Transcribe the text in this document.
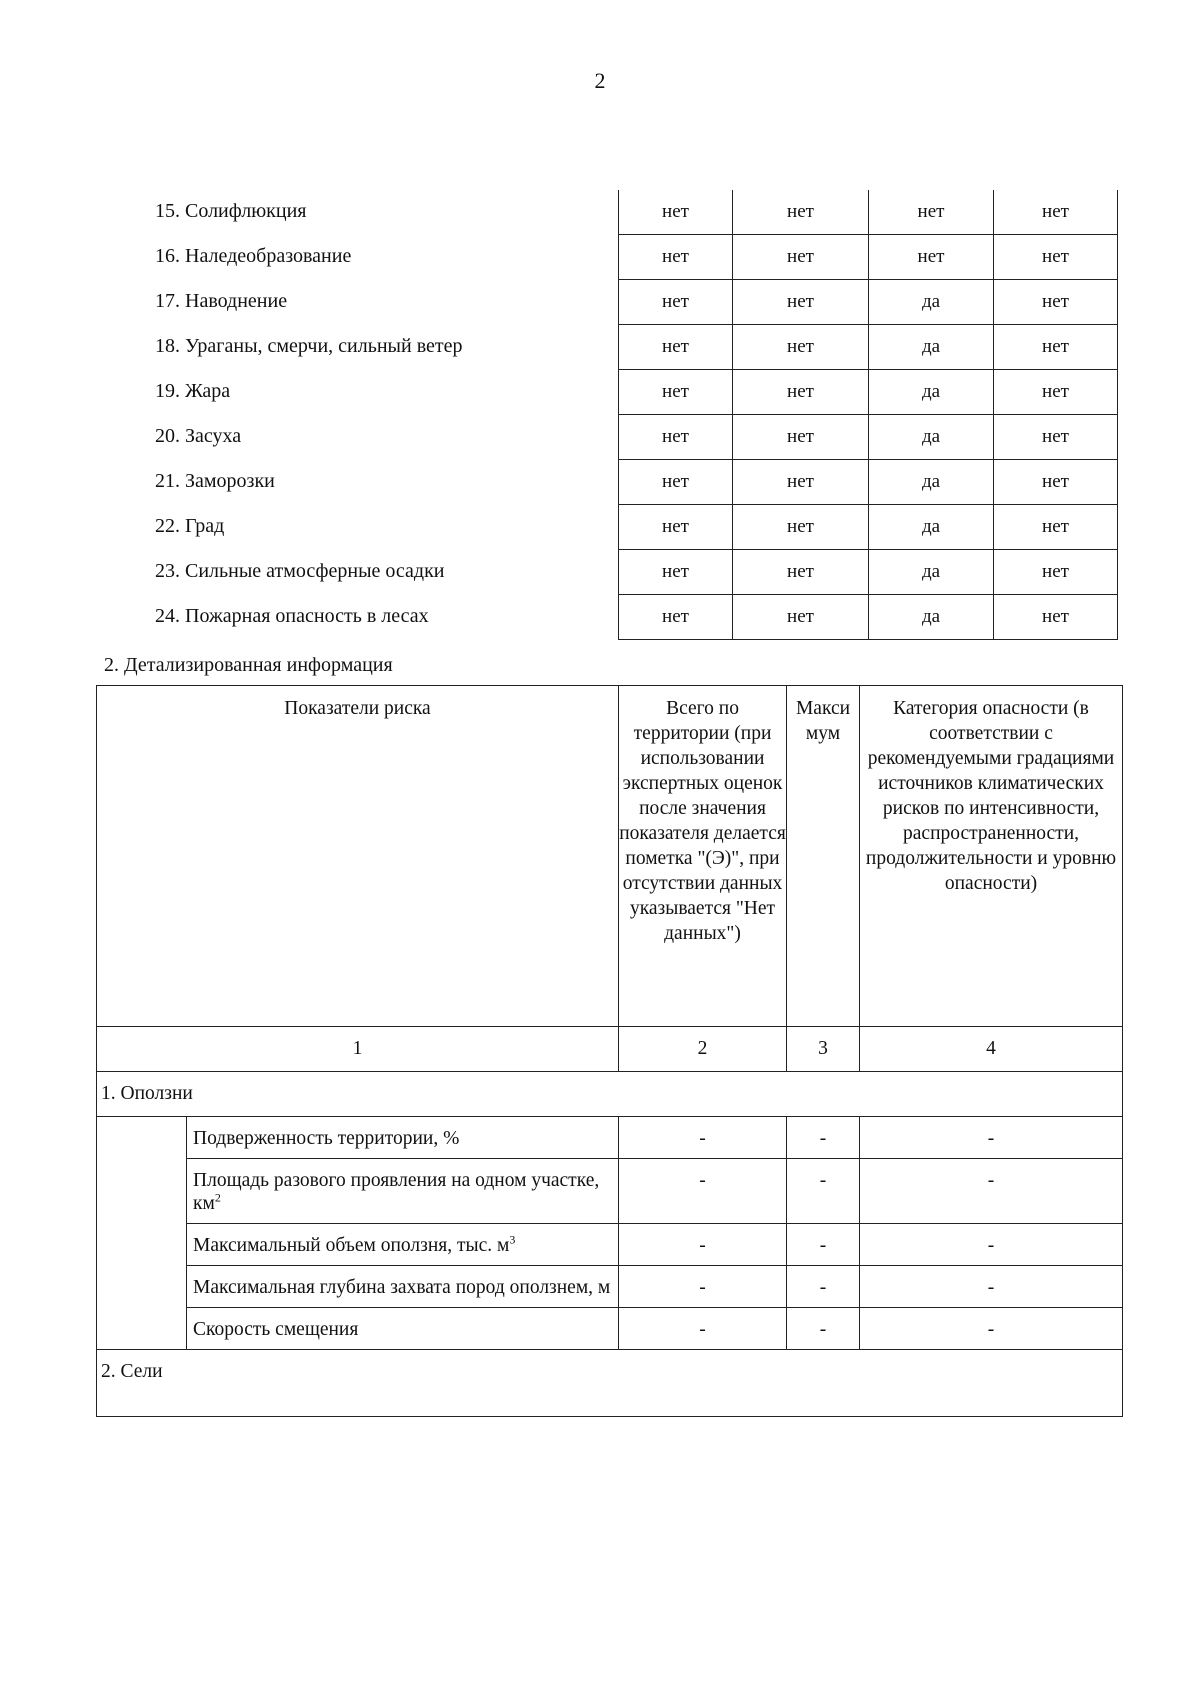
2
15. Солифлюкция	нет	нет	нет	нет
16. Наледеобразование	нет	нет	нет	нет
17. Наводнение	нет	нет	да	нет
18. Ураганы, смерчи, сильный ветер	нет	нет	да	нет
19. Жара	нет	нет	да	нет
20. Засуха	нет	нет	да	нет
21. Заморозки	нет	нет	да	нет
22. Град	нет	нет	да	нет
23. Сильные атмосферные осадки	нет	нет	да	нет
24. Пожарная опасность в лесах	нет	нет	да	нет
2. Детализированная информация
Показатели риска		Всего по территории (при использовании экспертных оценок после значения показателя делается пометка "(Э)", при отсутствии данных указывается "Нет данных")	Макси мум	Категория опасности (в соответствии с рекомендуемыми градациями источников климатических рисков по интенсивности, распространенности, продолжительности и уровню опасности)
1		2	3	4
1. Оползни				
	Подверженность территории, %	-	-	-
	Площадь разового проявления на одном участке, $км^2$	-	-	-
	Максимальный объем оползня, тыс. $м^3$	-	-	-
	Максимальная глубина захвата пород оползнем, м	-	-	-
	Скорость смещения	-	-	-
2. Сели				
